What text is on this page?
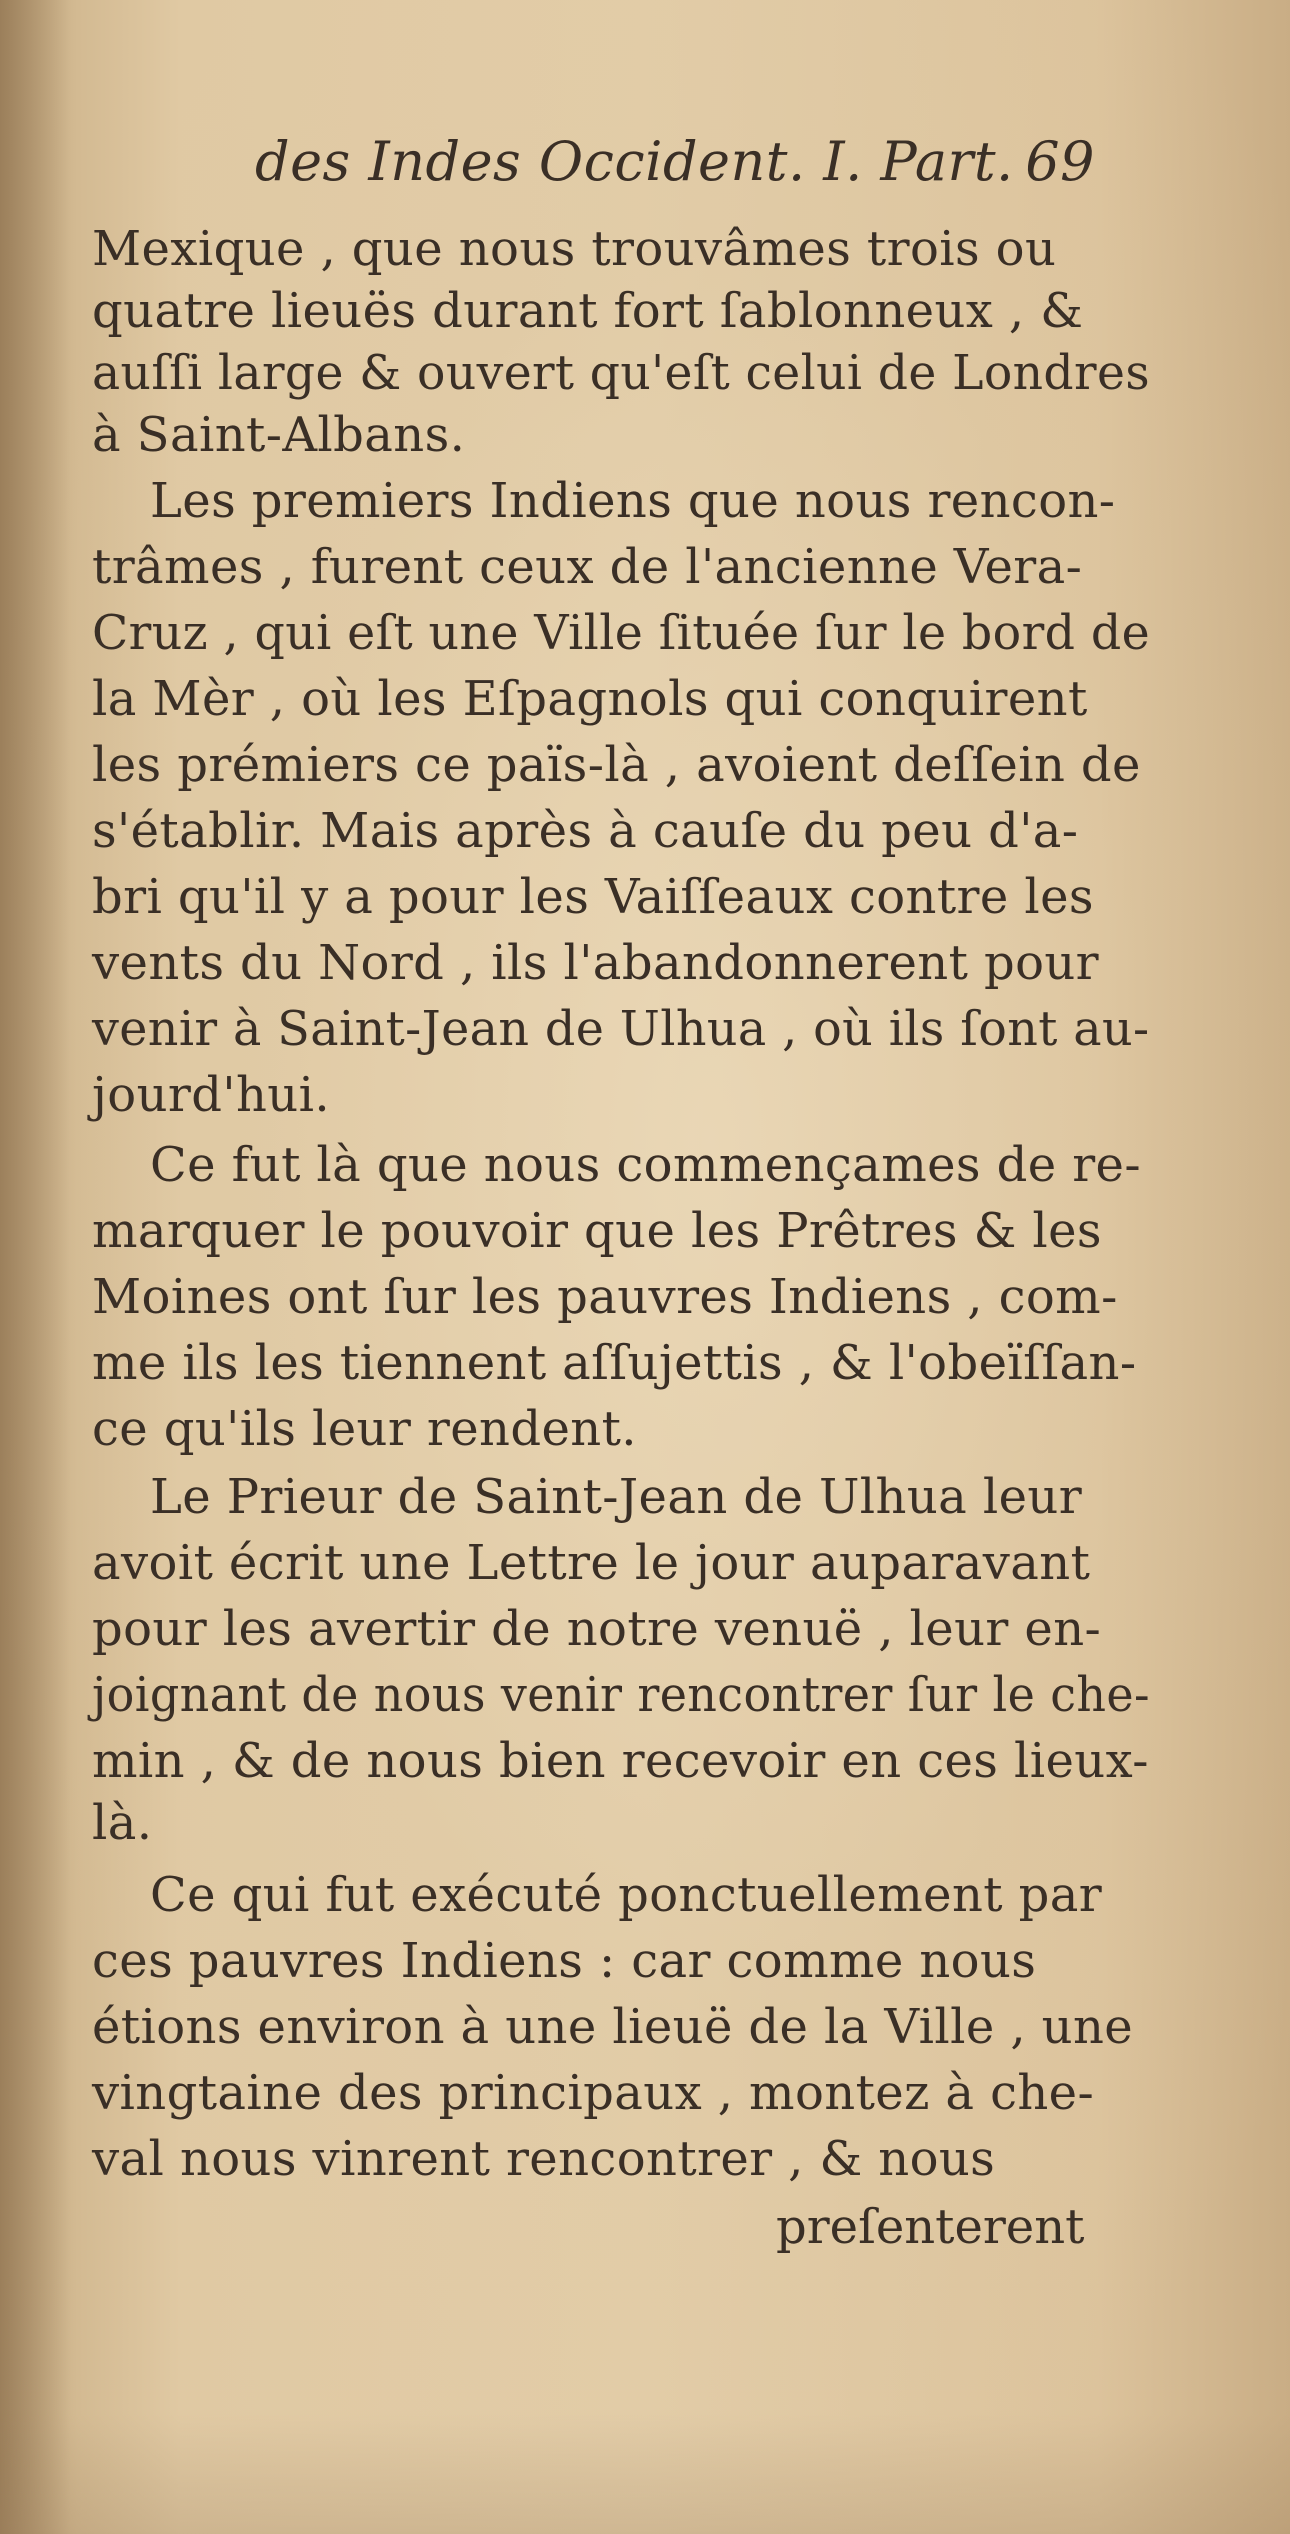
des Indes Occident. I. Part. 69
Mexique , que nous trouvâmes trois ou
quatre lieuës durant fort ſablonneux , &
auſſi large & ouvert qu'eſt celui de Londres
à Saint-Albans.
Les premiers Indiens que nous rencon-
trâmes , furent ceux de l'ancienne Vera-
Cruz , qui eſt une Ville ſituée ſur le bord de
la Mèr , où les Eſpagnols qui conquirent
les prémiers ce païs-là , avoient deſſein de
s'établir. Mais après à cauſe du peu d'a-
bri qu'il y a pour les Vaiſſeaux contre les
vents du Nord , ils l'abandonnerent pour
venir à Saint-Jean de Ulhua , où ils ſont au-
jourd'hui.
Ce fut là que nous commençames de re-
marquer le pouvoir que les Prêtres & les
Moines ont ſur les pauvres Indiens , com-
me ils les tiennent aſſujettis , & l'obeïſſan-
ce qu'ils leur rendent.
Le Prieur de Saint-Jean de Ulhua leur
avoit écrit une Lettre le jour auparavant
pour les avertir de notre venuë , leur en-
joignant de nous venir rencontrer ſur le che-
min , & de nous bien recevoir en ces lieux-
là.
Ce qui fut exécuté ponctuellement par
ces pauvres Indiens : car comme nous
étions environ à une lieuë de la Ville , une
vingtaine des principaux , montez à che-
val nous vinrent rencontrer , & nous
preſenterent
